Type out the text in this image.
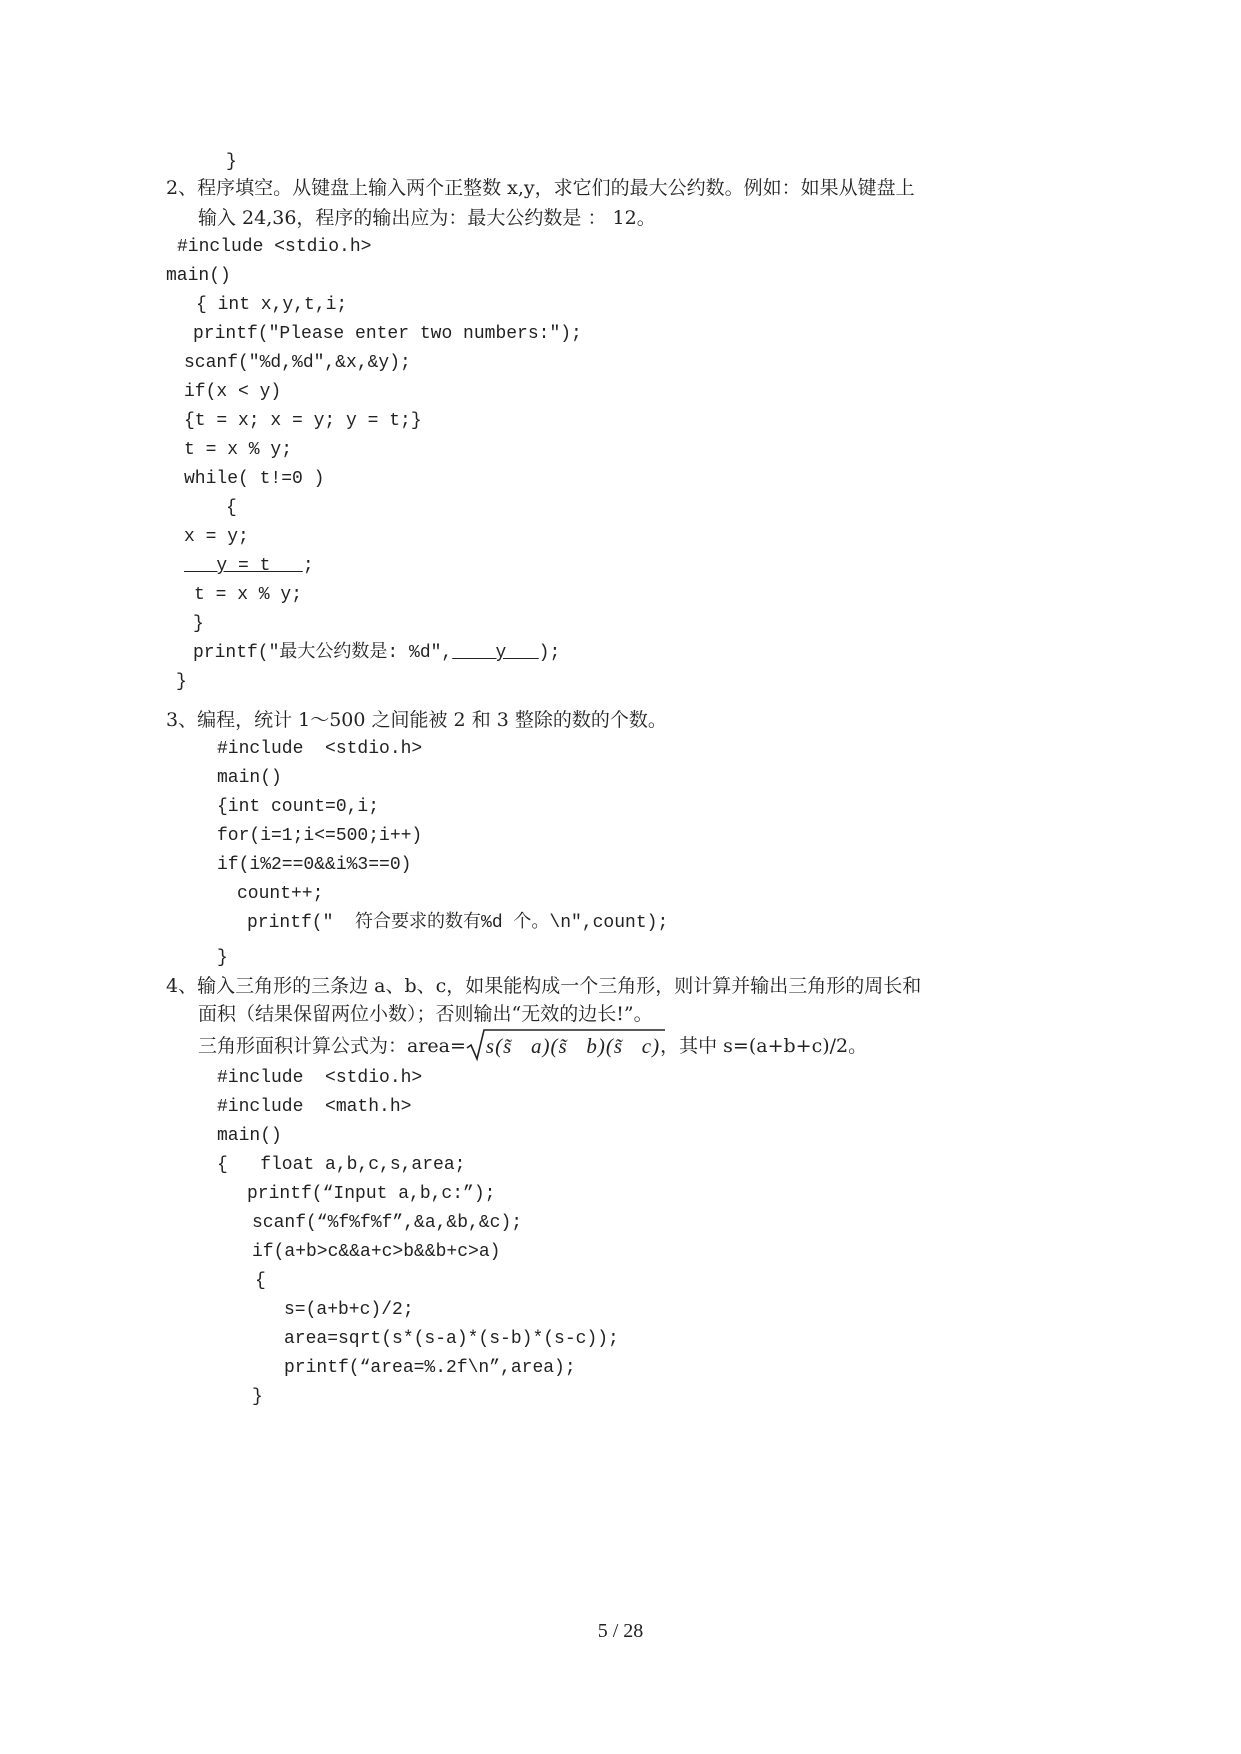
}
2、程序填空。从键盘上输入两个正整数 x,y，求它们的最大公约数。例如：如果从键盘上
输入 24,36，程序的输出应为：最大公约数是 ： 12。
#include <stdio.h>
main()
{ int x,y,t,i;
printf("Please enter two numbers:");
scanf("%d,%d",&x,&y);
if(x < y)
{t = x; x = y; y = t;}
t = x % y;
while( t!=0 )
{
x = y;
y = t   ;
t = x % y;
}
printf("最大公约数是: %d",    y   );
}
3、编程，统计 1～500 之间能被 2 和 3 整除的数的个数。
#include  <stdio.h>
main()
{int count=0,i;
for(i=1;i<=500;i++)
if(i%2==0&&i%3==0)
count++;
printf("  符合要求的数有%d 个。\n",count);
}
4、输入三角形的三条边 a、b、c，如果能构成一个三角形，则计算并输出三角形的周长和
面积（结果保留两位小数）；否则输出“无效的边长!”。
三角形面积计算公式为：area= s(s̃   a)(s̃   b)(s̃   c)，其中 s=(a+b+c)/2。
#include  <stdio.h>
#include  <math.h>
main()
{   float a,b,c,s,area;
printf(“Input a,b,c:”);
scanf(“%f%f%f”,&a,&b,&c);
if(a+b>c&&a+c>b&&b+c>a)
{
s=(a+b+c)/2;
area=sqrt(s*(s-a)*(s-b)*(s-c));
printf(“area=%.2f\n”,area);
}
5 / 28
